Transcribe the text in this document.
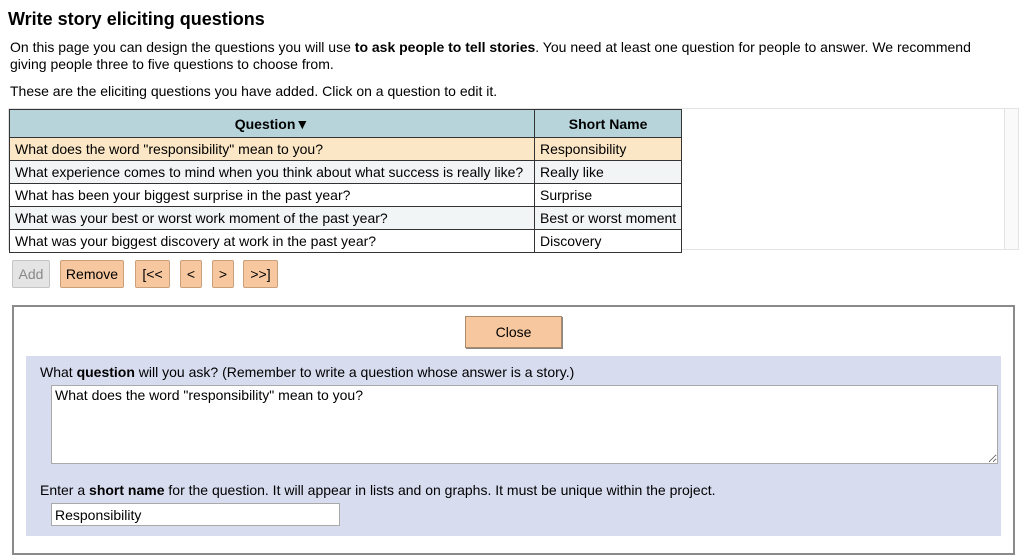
Write story eliciting questions

On this page you can design the questions you will use to ask people to tell stories. You need at least one question for people to answer. We recommend giving people three to five questions to choose from.

These are the eliciting questions you have added. Click on a question to edit it.

Question▼	Short Name
What does the word "responsibility" mean to you?	Responsibility
What experience comes to mind when you think about what success is really like?	Really like
What has been your biggest surprise in the past year?	Surprise
What was your best or worst work moment of the past year?	Best or worst moment
What was your biggest discovery at work in the past year?	Discovery
Add	Remove	[<<	<	>	>>]
Close

What question will you ask? (Remember to write a question whose answer is a story.)

What does the word "responsibility" mean to you?

Enter a short name for the question. It will appear in lists and on graphs. It must be unique within the project.

Responsibility
